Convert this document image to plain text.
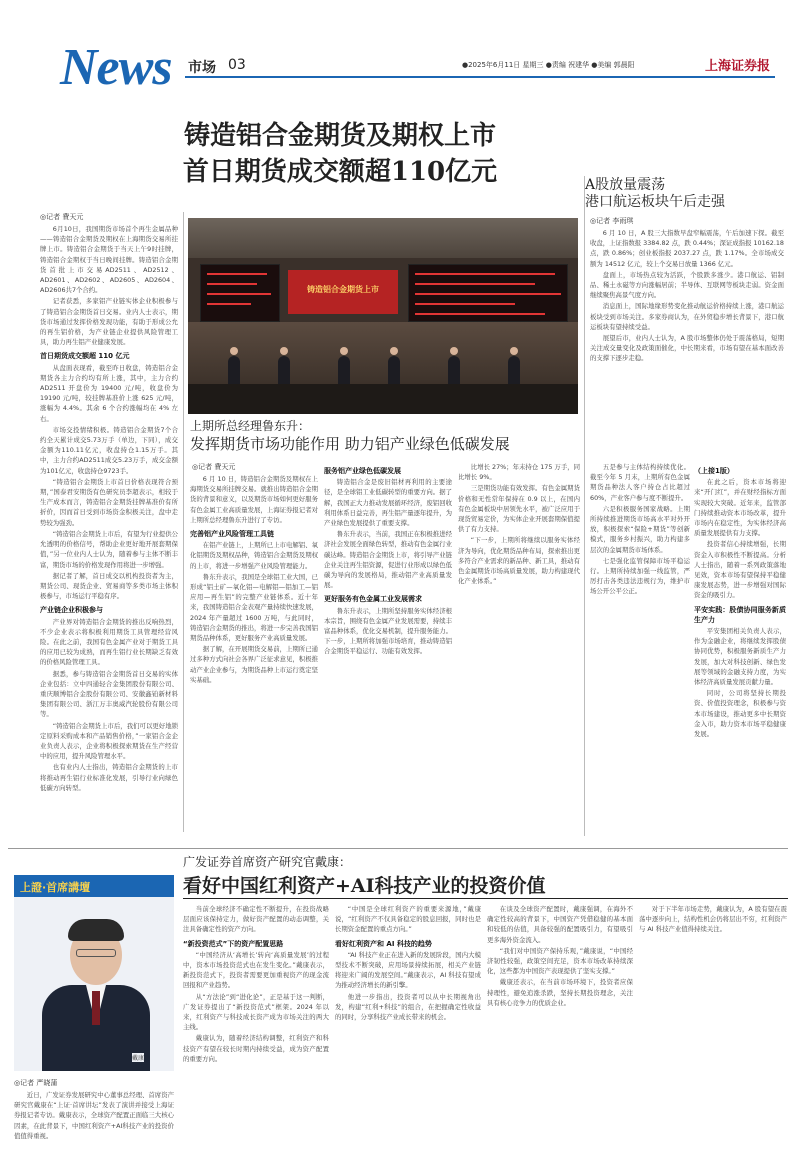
News 市场 03	●2025年6月11日 星期三 ●责编 祝建华 ●美编 郭晨阳	上海证券报
铸造铝合金期货及期权上市
首日期货成交额超110亿元	A股放量震荡
港口航运板块午后走强
◎记者 李雨琪
◎记者 費天元

6月10日，我国期货市场首个再生金属品种——铸造铝合金期货及期权在上海期货交易所挂牌上市。铸造铝合金期货于当天上午9时挂牌，铸造铝合金期权于当日晚间挂牌。铸造铝合金期货首批上市交易AD2511、AD2512、AD2601、AD2602、AD2605、AD2604、AD2606共7个合约。

记者获悉，多家铝产业链实体企业积极参与了铸造铝合金期货首日交易。业内人士表示，期货市场通过发挥价格发现功能，有助于形成公允的再生铝价格，为产业链企业提供风险管理工具，助力再生铝产业健康发展。

首日期货成交额超 110 亿元

从盘面表现看，截至昨日收盘，铸造铝合金期货各主力合约均有所上涨，其中，主力合约 AD2511 开盘价为 19400 元/吨，收盘价为 19190 元/吨，较挂牌基准价上涨 625 元/吨，涨幅为 4.4%。其余 6 个合约涨幅均在 4% 左右。

市场交投情绪积极。铸造铝合金期货7个合约全天累计成交5.73万手（单边，下同），成交金额为110.11亿元，收盘持仓1.15万手。其中，主力合约AD2511成交5.23万手，成交金额为101亿元，收盘持仓9723手。

“铸造铝合金期货上市首日价格表现符合预期，”国泰君安期货有色研究员李超表示，相较于生产成本而言，铸造铝合金期货挂牌基准价有所折价，因而首日受到市场资金积极关注，盘中走势较为强劲。

“铸造铝合金期货上市后，有望为行业提供公允透明的价格信号，帮助企业更好地开展套期保值，”另一位业内人士认为，随着参与主体不断丰富，期货市场的价格发现作用将进一步增强。

据记者了解，首日成交以机构投资者为主，期货公司、现货企业、贸易商等多类市场主体积极参与，市场运行平稳有序。

产业链企业积极参与

产业界对铸造铝合金期货的推出反响热烈，不少企业表示将积极利用期货工具管理经营风险。在此之前，我国有色金属产业对于期货工具的应用已较为成熟，而再生铝行业长期缺乏有效的价格风险管理工具。

据悉，参与铸造铝合金期货首日交易的实体企业包括：立中四通轻合金集团股份有限公司、重庆顺博铝合金股份有限公司、安徽鑫铂新材料集团有限公司、浙江万丰奥威汽轮股份有限公司等。

“铸造铝合金期货上市后，我们可以更好地锁定原料采购成本和产品销售价格，”一家铝合金企业负责人表示，企业将积极探索期货在生产经营中的应用，提升风险管理水平。

也有业内人士指出，铸造铝合金期货的上市将推动再生铝行业标准化发展，引导行业向绿色低碳方向转型。

铸造铝合金期货上市
上期所总经理鲁东升：
发挥期货市场功能作用 助力铝产业绿色低碳发展
◎记者 費天元

6 月 10 日，铸造铝合金期货及期权在上海期货交易所挂牌交易。就推出铸造铝合金期货的背景和意义，以及期货市场如何更好服务有色金属工业高质量发展，上海证券报记者对上期所总经理鲁东升进行了专访。

完善铝产业风险管理工具链

在铝产业链上，上期所已上市电解铝、氧化铝期货及期权品种，铸造铝合金期货及期权的上市，将进一步增强产业风险管理能力。

鲁东升表示，我国是全球铝工业大国，已形成“铝土矿—氧化铝—电解铝—铝加工—铝应用—再生铝”的完整产业链体系。近十年来，我国铸造铝合金表观产量持续快速发展，2024 年产量超过 1600 万吨，与此同时，铸造铝合金期货的推出，将进一步完善我国铝期货品种体系，更好服务产业高质量发展。

据了解，在开展期货交易前，上期所已通过多种方式向社会各界广泛征求意见，积极推动产业企业参与，为期货品种上市运行奠定坚实基础。

服务铝产业绿色低碳发展

铸造铝合金是废旧铝材再利用的主要途径，是全球铝工业低碳转型的重要方向。据了解，我国正大力推动发展循环经济，废铝回收利用体系日益完善，再生铝产量逐年提升，为产业绿色发展提供了重要支撑。

鲁东升表示，当前，我国正在积极推进经济社会发展全面绿色转型，推动有色金属行业碳达峰。铸造铝合金期货上市，将引导产业链企业关注再生铝资源，促进行业形成以绿色低碳为导向的发展格局，推动铝产业高质量发展。

更好服务有色金属工业发展需求

鲁东升表示，上期所坚持服务实体经济根本宗旨，围绕有色金属产业发展需要，持续丰富品种体系，优化交易机制，提升服务能力。下一步，上期所将加强市场培育，推动铸造铝合金期货平稳运行、功能有效发挥。

比增长 27%；年末持仓 175 万手，同比增长 9%。

三是期货功能有效发挥。有色金属期货价格和无性常年保持在 0.9 以上，在国内有色金属板块中居领先水平，被广泛应用于现货贸易定价，为实体企业开展套期保值提供了有力支持。

“下一步，上期所将继续以服务实体经济为导向，优化期货品种布局，探索推出更多符合产业需求的新品种、新工具，推动有色金属期货市场高质量发展，助力构建现代化产业体系。”

6 月 10 日，A 股三大指数早盘窄幅震荡，午后加速下探。截至收盘，上证指数报 3384.82 点，跌 0.44%；深证成指报 10162.18 点，跌 0.86%；创业板指报 2037.27 点，跌 1.17%。全市场成交额为 14512 亿元，较上个交易日放量 1366 亿元。

盘面上，市场热点较为活跃，个股跌多涨少。港口航运、铝制品、稀土永磁等方向涨幅居前；半导体、互联网等板块走弱。资金面继续聚焦高景气度方向。

消息面上，国际地缘形势变化推动航运价格持续上涨，港口航运板块受到市场关注。多家券商认为，在外贸稳步增长背景下，港口航运板块有望持续受益。

展望后市，业内人士认为，A 股市场整体仍处于震荡格局，短期关注成交量变化及政策面催化，中长期来看，市场有望在基本面改善的支撑下逐步走稳。

五是参与主体结构持续优化。截至今年 5 月末，上期所有色金属期货品种法人客户持仓占比超过 60%，产业客户参与度不断提升。

六是积极服务国家战略。上期所持续推进期货市场高水平对外开放，积极探索“保险+期货”等创新模式，服务乡村振兴，助力构建多层次的金属期货市场体系。

七是强化监管保障市场平稳运行。上期所持续加强一线监管，严厉打击各类违法违规行为，维护市场公开公平公正。

（上接1版）

在此之后，资本市场将迎来“开门红”，并在财经指标方面实现较大突破。近年来，监管部门持续推动资本市场改革，提升市场内在稳定性，为实体经济高质量发展提供有力支撑。

投资者信心持续增强，长期资金入市积极性不断提高。分析人士指出，随着一系列政策落地见效，资本市场有望保持平稳健康发展态势，进一步增强对国际资金的吸引力。

平安实践：股债协同服务新质生产力

平安集团相关负责人表示，作为金融企业，将继续发挥股债协同优势，积极服务新质生产力发展，加大对科技创新、绿色发展等领域的金融支持力度，为实体经济高质量发展贡献力量。

同时，公司将坚持长期投资、价值投资理念，积极参与资本市场建设，推动更多中长期资金入市，助力资本市场平稳健康发展。

广发证券首席资产研究官戴康：
看好中国红利资产+AI科技产业的投资价值
上證·首席講壇
戴康
◎记者 严晓蒲

近日，广发证券发展研究中心董事总经理、首席资产研究官戴康在“上证·首席讲坛”发表了演讲并接受上海证券报记者专访。戴康表示，全球资产配置正面临三大核心因素，在此背景下，中国红利资产+AI科技产业的投资价值值得重视。

当前全球经济不确定性不断提升，在投资战略层面应该保持定力，做好资产配置的动态调整，关注具备确定性的资产方向。

“新投资范式”下的资产配置思路

“中国经济从‘高增长’转向‘高质量发展’的过程中，资本市场投资范式也在发生变化。”戴康表示，新投资范式下，投资者需要更加重视资产的现金流回报和产业趋势。

从“方法论”到“进化论”，正是基于这一判断，广发证券提出了“新投资范式”框架。2024 年以来，红利资产与科技成长资产成为市场关注的两大主线。

戴康认为，随着经济结构调整，红利资产和科技资产有望在较长时期内持续受益，成为资产配置的重要方向。

“中国是全球红利资产的重要来源地，”戴康说，“红利资产不仅具备稳定的股息回报，同时也是长期资金配置的重点方向。”

看好红利资产和 AI 科技的趋势

“AI 科技产业正在进入新的发展阶段，国内大模型技术不断突破，应用场景持续拓展，相关产业链将迎来广阔的发展空间。”戴康表示，AI 科技有望成为推动经济增长的新引擎。

他进一步指出，投资者可以从中长期视角出发，构建“红利+科技”的组合，在把握确定性收益的同时，分享科技产业成长带来的机会。

在谈及全球资产配置时，戴康强调，在海外不确定性较高的背景下，中国资产凭借稳健的基本面和较低的估值，具备较强的配置吸引力，有望吸引更多海外资金流入。

“我们对中国资产保持乐观，”戴康说，“中国经济韧性较强，政策空间充足，资本市场改革持续深化，这些都为中国资产表现提供了坚实支撑。”

戴康还表示，在当前市场环境下，投资者应保持理性，避免追涨杀跌，坚持长期投资理念，关注具有核心竞争力的优质企业。

对于下半年市场走势，戴康认为，A 股有望在震荡中逐步向上，结构性机会仍将层出不穷，红利资产与 AI 科技产业值得持续关注。
